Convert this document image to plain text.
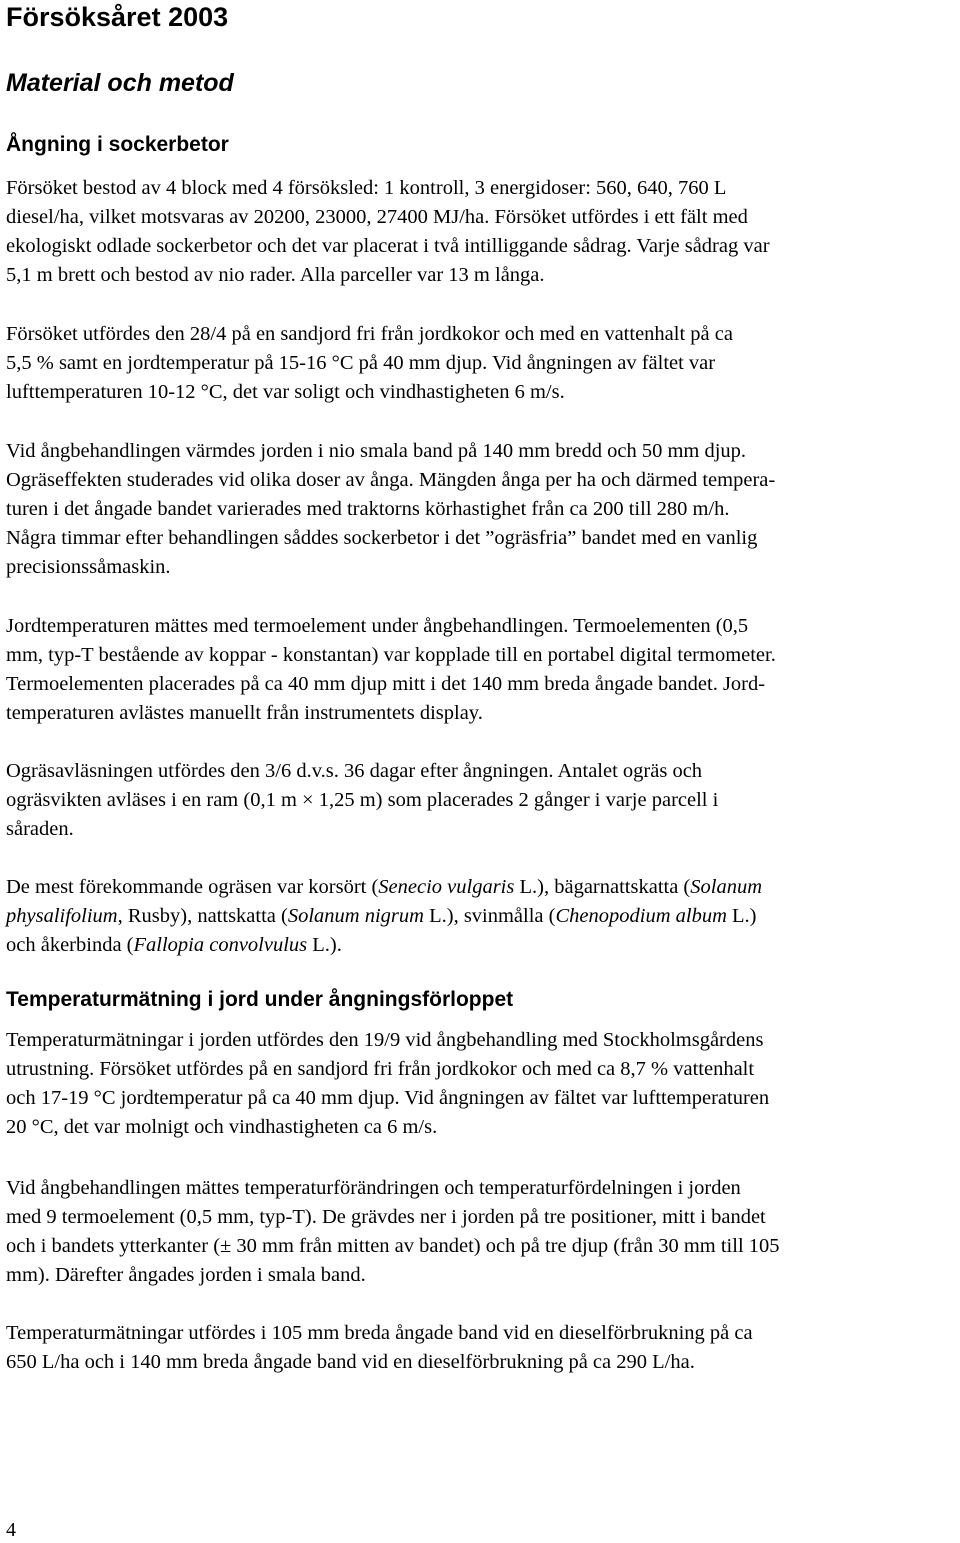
Försöksåret 2003
Material och metod
Ångning i sockerbetor
Försöket bestod av 4 block med 4 försöksled: 1 kontroll, 3 energidoser: 560, 640, 760 L
diesel/ha, vilket motsvaras av 20200, 23000, 27400 MJ/ha. Försöket utfördes i ett fält med
ekologiskt odlade sockerbetor och det var placerat i två intilliggande sådrag. Varje sådrag var
5,1 m brett och bestod av nio rader. Alla parceller var 13 m långa.
Försöket utfördes den 28/4 på en sandjord fri från jordkokor och med en vattenhalt på ca
5,5 % samt en jordtemperatur på 15-16 °C på 40 mm djup. Vid ångningen av fältet var
lufttemperaturen 10-12 °C, det var soligt och vindhastigheten 6 m/s.
Vid ångbehandlingen värmdes jorden i nio smala band på 140 mm bredd och 50 mm djup.
Ogräseffekten studerades vid olika doser av ånga. Mängden ånga per ha och därmed tempera-
turen i det ångade bandet varierades med traktorns körhastighet från ca 200 till 280 m/h.
Några timmar efter behandlingen såddes sockerbetor i det ”ogräsfria” bandet med en vanlig
precisionssåmaskin.
Jordtemperaturen mättes med termoelement under ångbehandlingen. Termoelementen (0,5
mm, typ-T bestående av koppar - konstantan) var kopplade till en portabel digital termometer.
Termoelementen placerades på ca 40 mm djup mitt i det 140 mm breda ångade bandet. Jord-
temperaturen avlästes manuellt från instrumentets display.
Ogräsavläsningen utfördes den 3/6 d.v.s. 36 dagar efter ångningen. Antalet ogräs och
ogräsvikten avläses i en ram (0,1 m × 1,25 m) som placerades 2 gånger i varje parcell i
såraden.
De mest förekommande ogräsen var korsört (Senecio vulgaris L.), bägarnattskatta (Solanum
physalifolium, Rusby), nattskatta (Solanum nigrum L.), svinmålla (Chenopodium album L.)
och åkerbinda (Fallopia convolvulus L.).
Temperaturmätning i jord under ångningsförloppet
Temperaturmätningar i jorden utfördes den 19/9 vid ångbehandling med Stockholmsgårdens
utrustning. Försöket utfördes på en sandjord fri från jordkokor och med ca 8,7 % vattenhalt
och 17-19 °C jordtemperatur på ca 40 mm djup. Vid ångningen av fältet var lufttemperaturen
20 °C, det var molnigt och vindhastigheten ca 6 m/s.
Vid ångbehandlingen mättes temperaturförändringen och temperaturfördelningen i jorden
med 9 termoelement (0,5 mm, typ-T). De grävdes ner i jorden på tre positioner, mitt i bandet
och i bandets ytterkanter (± 30 mm från mitten av bandet) och på tre djup (från 30 mm till 105
mm). Därefter ångades jorden i smala band.
Temperaturmätningar utfördes i 105 mm breda ångade band vid en dieselförbrukning på ca
650 L/ha och i 140 mm breda ångade band vid en dieselförbrukning på ca 290 L/ha.
4
